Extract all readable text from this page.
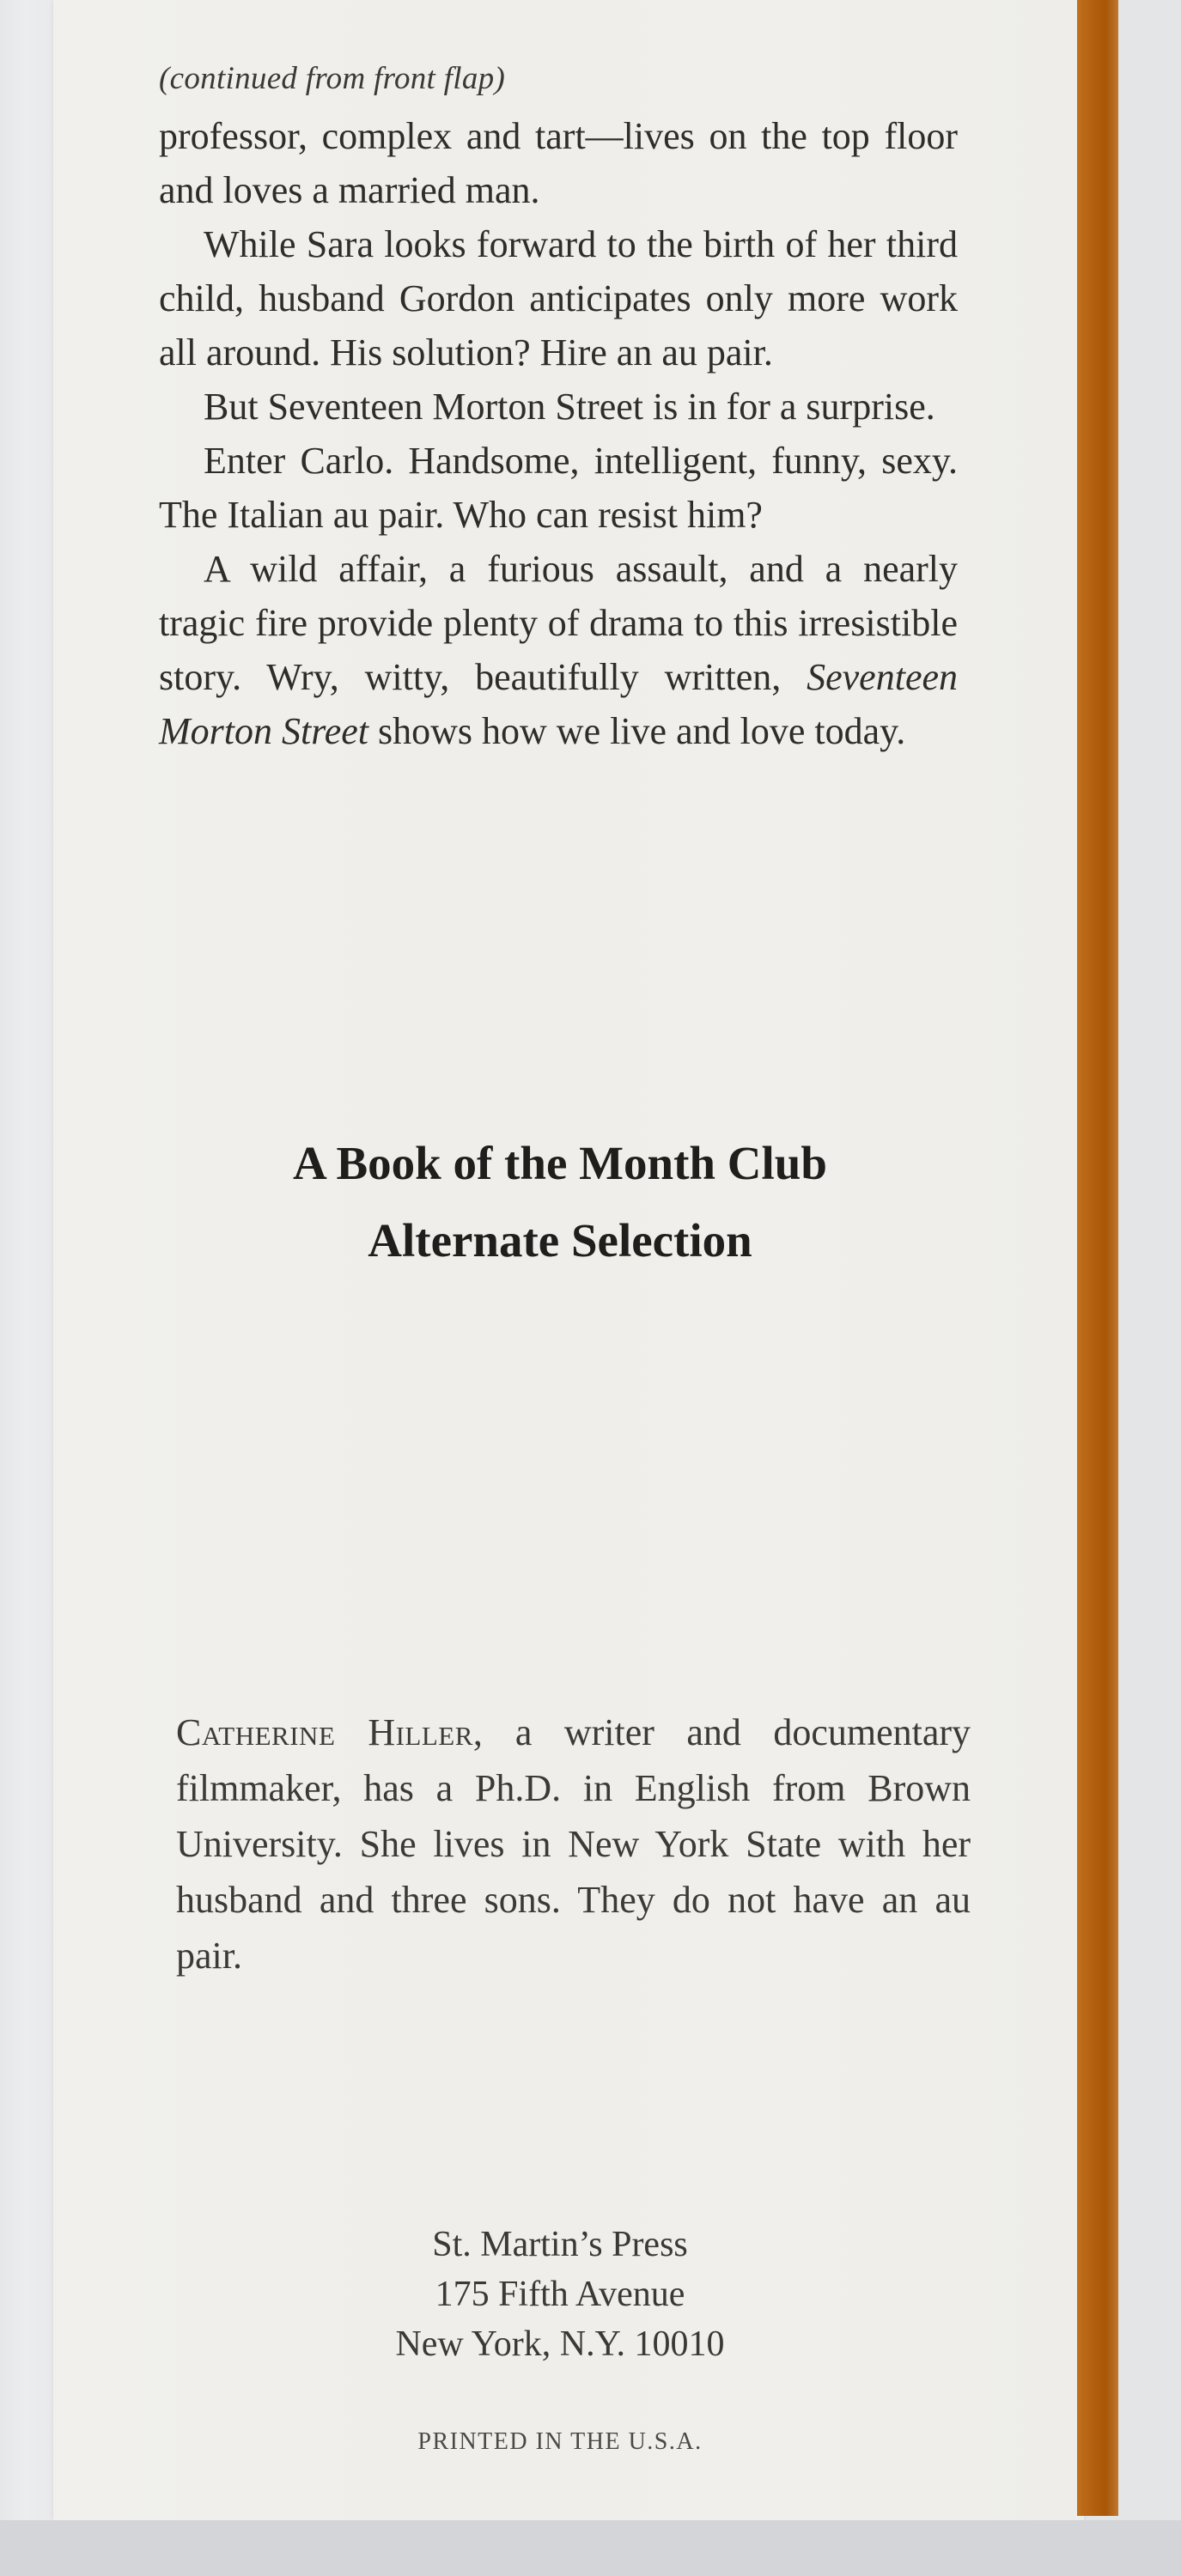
(continued from front flap)

professor, complex and tart—lives on the top floor and loves a married man.

While Sara looks forward to the birth of her third child, husband Gordon anticipates only more work all around. His solution? Hire an au pair.

But Seventeen Morton Street is in for a surprise.

Enter Carlo. Handsome, intelligent, funny, sexy. The Italian au pair. Who can resist him?

A wild affair, a furious assault, and a nearly tragic fire provide plenty of drama to this irresistible story. Wry, witty, beautifully written, Seventeen Morton Street shows how we live and love today.

A Book of the Month Club
Alternate Selection
Catherine Hiller, a writer and documentary filmmaker, has a Ph.D. in English from Brown University. She lives in New York State with her husband and three sons. They do not have an au pair.
St. Martin’s Press
175 Fifth Avenue
New York, N.Y. 10010
PRINTED IN THE U.S.A.
